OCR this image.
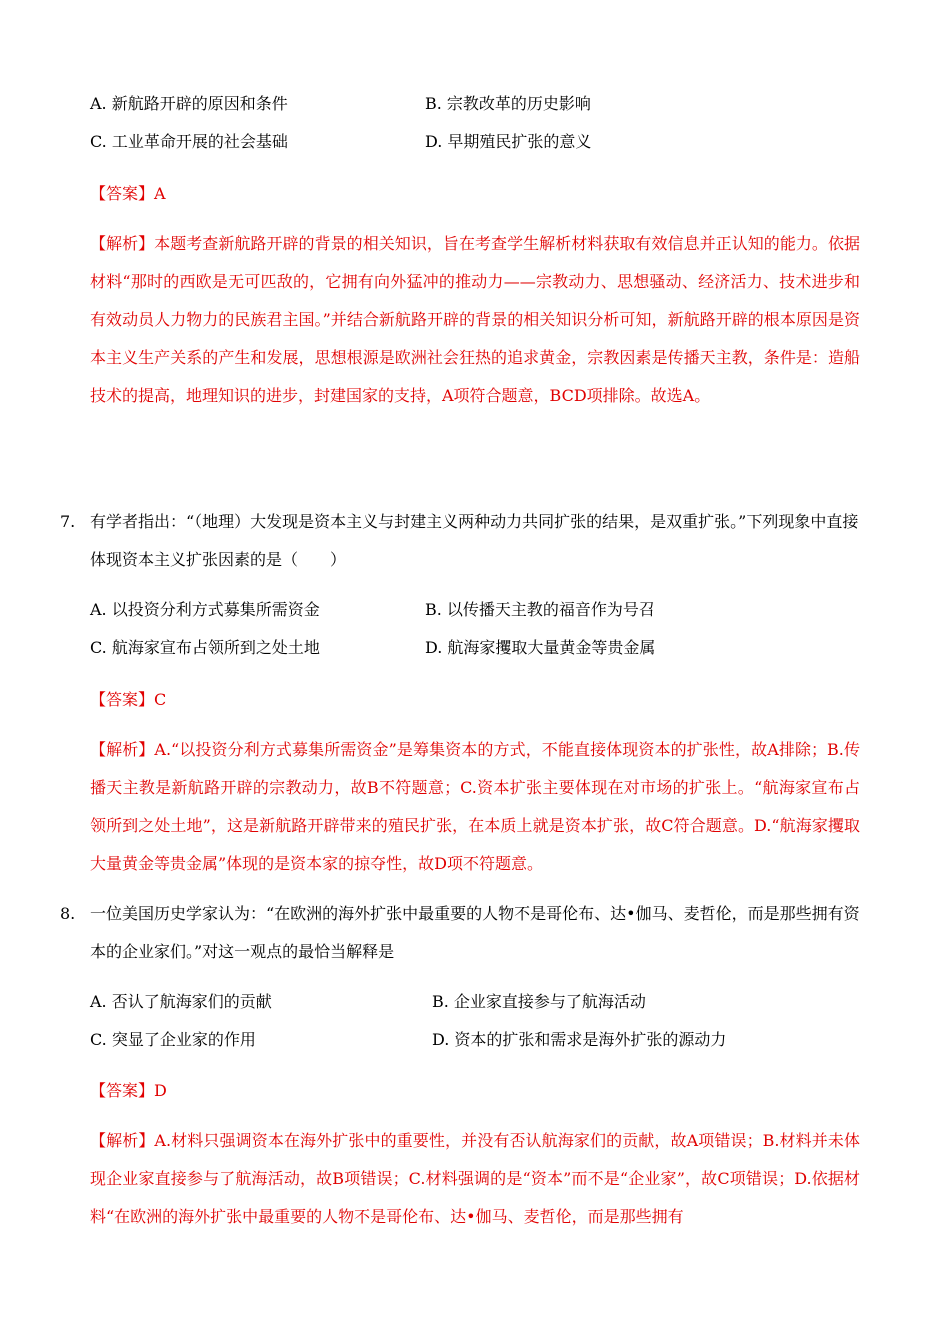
A. 新航路开辟的原因和条件	B. 宗教改革的历史影响
C. 工业革命开展的社会基础	D. 早期殖民扩张的意义
【答案】A
【解析】本题考查新航路开辟的背景的相关知识，旨在考查学生解析材料获取有效信息并正认知的能力。依据材料“那时的西欧是无可匹敌的，它拥有向外猛冲的推动力——宗教动力、思想骚动、经济活力、技术进步和有效动员人力物力的民族君主国。”并结合新航路开辟的背景的相关知识分析可知，新航路开辟的根本原因是资本主义生产关系的产生和发展，思想根源是欧洲社会狂热的追求黄金，宗教因素是传播天主教，条件是：造船技术的提高，地理知识的进步，封建国家的支持，A项符合题意，BCD项排除。故选A。
7. 有学者指出：“（地理）大发现是资本主义与封建主义两种动力共同扩张的结果，是双重扩张。”下列现象中直接体现资本主义扩张因素的是（　　）
A. 以投资分利方式募集所需资金	B. 以传播天主教的福音作为号召
C. 航海家宣布占领所到之处土地	D. 航海家攫取大量黄金等贵金属
【答案】C
【解析】A.“以投资分利方式募集所需资金”是筹集资本的方式，不能直接体现资本的扩张性，故A排除；B.传播天主教是新航路开辟的宗教动力，故B不符题意；C.资本扩张主要体现在对市场的扩张上。“航海家宣布占领所到之处土地”，这是新航路开辟带来的殖民扩张，在本质上就是资本扩张，故C符合题意。D.“航海家攫取大量黄金等贵金属”体现的是资本家的掠夺性，故D项不符题意。
8. 一位美国历史学家认为：“在欧洲的海外扩张中最重要的人物不是哥伦布、达•伽马、麦哲伦，而是那些拥有资本的企业家们。”对这一观点的最恰当解释是
A. 否认了航海家们的贡献	B. 企业家直接参与了航海活动
C. 突显了企业家的作用	D. 资本的扩张和需求是海外扩张的源动力
【答案】D
【解析】A.材料只强调资本在海外扩张中的重要性，并没有否认航海家们的贡献，故A项错误；B.材料并未体现企业家直接参与了航海活动，故B项错误；C.材料强调的是“资本”而不是“企业家”，故C项错误；D.依据材料“在欧洲的海外扩张中最重要的人物不是哥伦布、达•伽马、麦哲伦，而是那些拥有
